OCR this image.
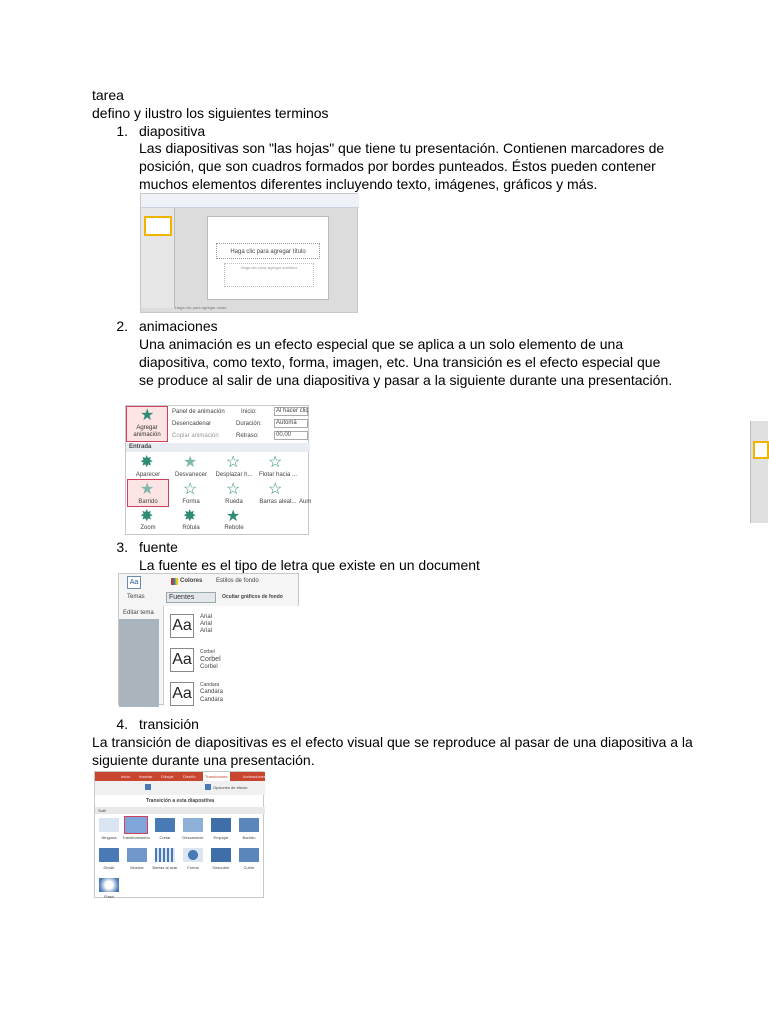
tarea
defino y ilustro los siguientes terminos
1. diapositiva
Las diapositivas son "las hojas" que tiene tu presentación. Contienen marcadores de posición, que son cuadros formados por bordes punteados. Éstos pueden contener muchos elementos diferentes incluyendo texto, imágenes, gráficos y más.
Haga clic para agregar título
Haga clic para agregar subtítulo
Haga clic para agregar notas
2. animaciones
Una animación es un efecto especial que se aplica a un solo elemento de una diapositiva, como texto, forma, imagen, etc. Una transición es el efecto especial que se produce al salir de una diapositiva y pasar a la siguiente durante una presentación.
★
Agregar animación
Panel de animación
Desencadenar
Copiar animación
Inicio:	Al hacer clic
Duración:	Automá
Retraso:	00,00
Entrada
✸
Aparecer
★
Desvanecer
☆
Desplazar h...
☆
Flotar hacia ...
★
Barrido
☆
Forma
☆
Rueda
☆
Barras aleat... Aum
✸
Zoom
✸
Rótula
★
Rebote
3. fuente
La fuente es el tipo de letra que existe en un document
Aa
Temas
Editar tema
Colores Estilos de fondo
Fuentes	Ocultar gráficos de fondo
Aa Arial
Arial
Arial
Aa Corbel
Corbel
Corbel
Aa Candara
Candara
Candara
4. transición
La transición de diapositivas es el efecto visual que se reproduce al pasar de una diapositiva a la siguiente durante una presentación.
Inicio Insertar Dibujar Diseño	Transiciones	Animaciones
Opciones de efecto
Transición a esta diapositiva
Sutil
Ninguna	Transformación	Cortar	Desvanecer	Empujar	Barrido
Dividir	Mostrar	Barras al azar	Forma	Descubrir	Cubrir
Flash
